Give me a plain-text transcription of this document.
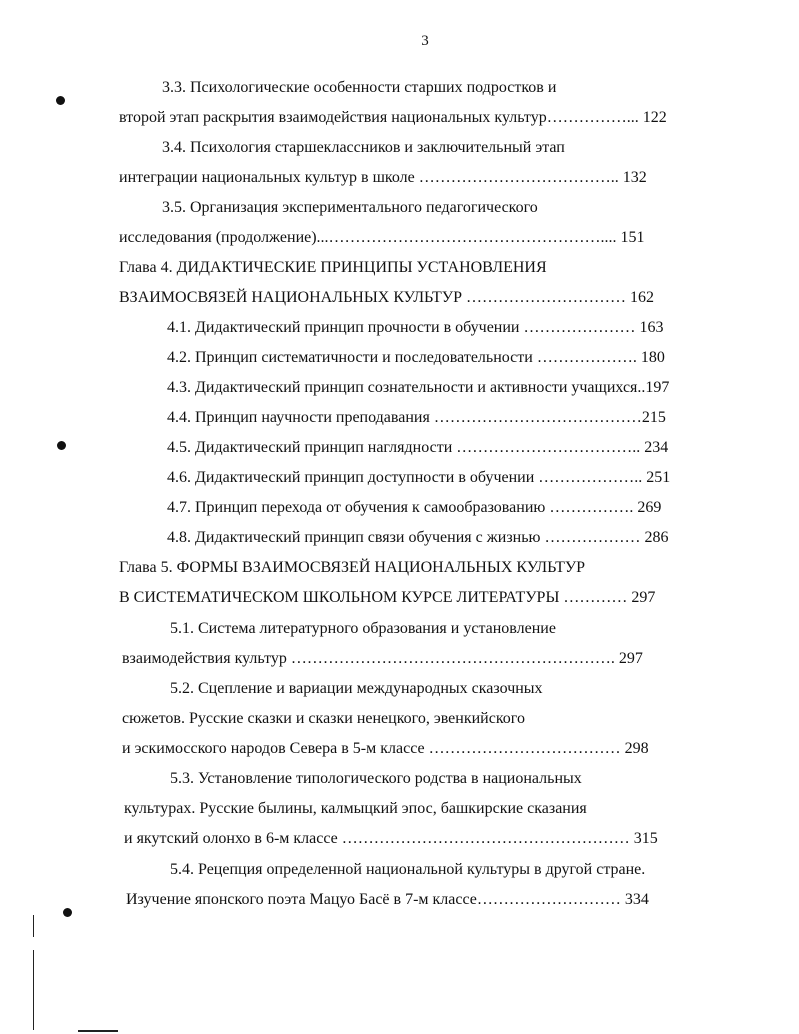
3
3.3. Психологические особенности старших подростков и
второй этап раскрытия взаимодействия национальных культур……………... 122
3.4. Психология старшеклассников и заключительный этап
интеграции национальных культур в школе ……………………………….. 132
3.5. Организация экспериментального педагогического
исследования (продолжение)...…………………………………………….... 151
Глава 4. ДИДАКТИЧЕСКИЕ ПРИНЦИПЫ УСТАНОВЛЕНИЯ
ВЗАИМОСВЯЗЕЙ НАЦИОНАЛЬНЫХ КУЛЬТУР ………………………… 162
4.1. Дидактический принцип прочности в обучении ………………… 163
4.2. Принцип систематичности и последовательности ………………. 180
4.3. Дидактический принцип сознательности и активности учащихся..197
4.4. Принцип научности преподавания …………………………………215
4.5. Дидактический принцип наглядности …………………………….. 234
4.6. Дидактический принцип доступности в обучении ……………….. 251
4.7. Принцип перехода от обучения к самообразованию ……………. 269
4.8. Дидактический принцип связи обучения с жизнью ……………… 286
Глава 5. ФОРМЫ ВЗАИМОСВЯЗЕЙ НАЦИОНАЛЬНЫХ КУЛЬТУР
В СИСТЕМАТИЧЕСКОМ ШКОЛЬНОМ КУРСЕ ЛИТЕРАТУРЫ ………… 297
5.1. Система литературного образования и установление
взаимодействия культур ……………………………………………………. 297
5.2. Сцепление и вариации международных сказочных
сюжетов. Русские сказки и сказки ненецкого, эвенкийского
и эскимосского народов Севера в 5-м классе ……………………………… 298
5.3. Установление типологического родства в национальных
культурах. Русские былины, калмыцкий эпос, башкирские сказания
и якутский олонхо в 6-м классе ……………………………………………… 315
5.4. Рецепция определенной национальной культуры в другой стране.
Изучение японского поэта Мацуо Басё в 7-м классе……………………… 334
